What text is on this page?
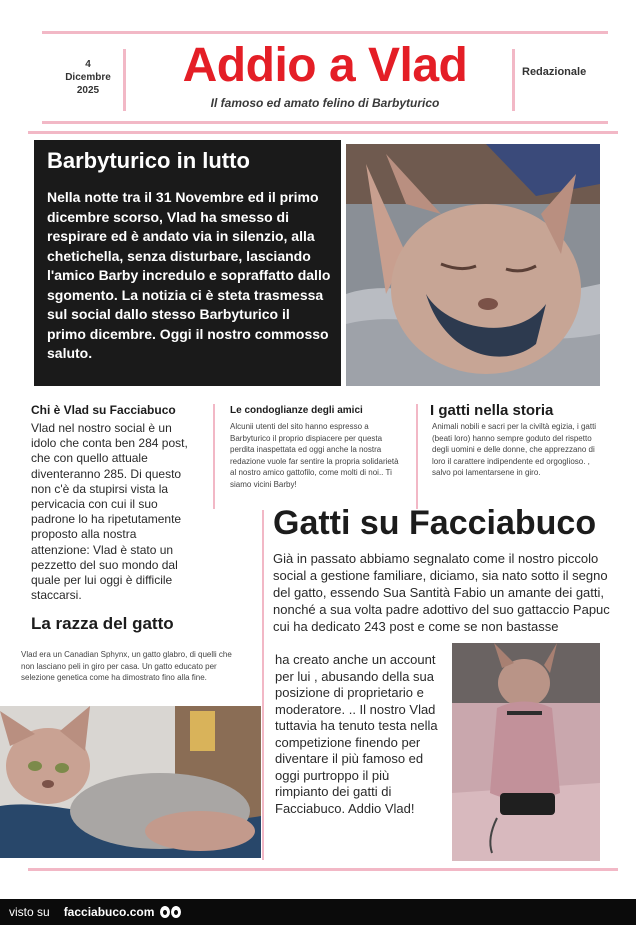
4
Dicembre
2025	Addio a Vlad
Il famoso ed amato felino di Barbyturico
Redazionale
Barbyturico in lutto
Nella notte tra il 31 Novembre ed il primo dicembre scorso, Vlad ha smesso di respirare ed è andato via in silenzio, alla chetichella, senza disturbare, lasciando l'amico Barby incredulo e sopraffatto dallo sgomento. La notizia ci è steta trasmessa sul social dallo stesso Barbyturico il primo dicembre. Oggi il nostro commosso saluto.
Chi è Vlad su Facciabuco
Vlad nel nostro social è un idolo che conta ben 284 post, che con quello attuale diventeranno 285. Di questo non c'è da stupirsi vista la pervicacia con cui il suo padrone lo ha ripetutamente proposto alla nostra attenzione: Vlad è stato un pezzetto del suo mondo dal quale per lui oggi è difficile staccarsi.
Le condoglianze degli amici
Alcunii utenti del sito hanno espresso a Barbyturico il proprio dispiacere per questa perdita inaspettata ed oggi anche la nostra redazione vuole far sentire la propria solidarietà al nostro amico gattofilo, come molti di noi.. Ti siamo vicini Barby!
I gatti nella storia
Animali nobili e sacri per la civiltà egizia, i gatti (beati loro) hanno sempre goduto del rispetto degli uomini e delle donne, che apprezzano di loro il carattere indipendente ed orgoglioso. , salvo poi lamentarsene in giro.
La razza del gatto
Vlad era un Canadian Sphynx, un gatto glabro, di quelli che non lasciano peli in giro per casa. Un gatto educato per selezione genetica come ha dimostrato fino alla fine.
Gatti su Facciabuco
Già in passato abbiamo segnalato come il nostro piccolo social a gestione familiare, diciamo, sia nato sotto il segno del gatto, essendo Sua Santità Fabio un amante dei gatti, nonché a sua volta padre adottivo del suo gattaccio Papuc cui ha dedicato 243 post e come se non bastasse
ha creato anche un account per lui , abusando della sua posizione di proprietario e moderatore. .. Il nostro Vlad tuttavia ha tenuto testa nella competizione finendo per diventare il più famoso ed oggi purtroppo il più rimpianto dei gatti di Facciabuco. Addio Vlad!
visto su facciabuco.com
